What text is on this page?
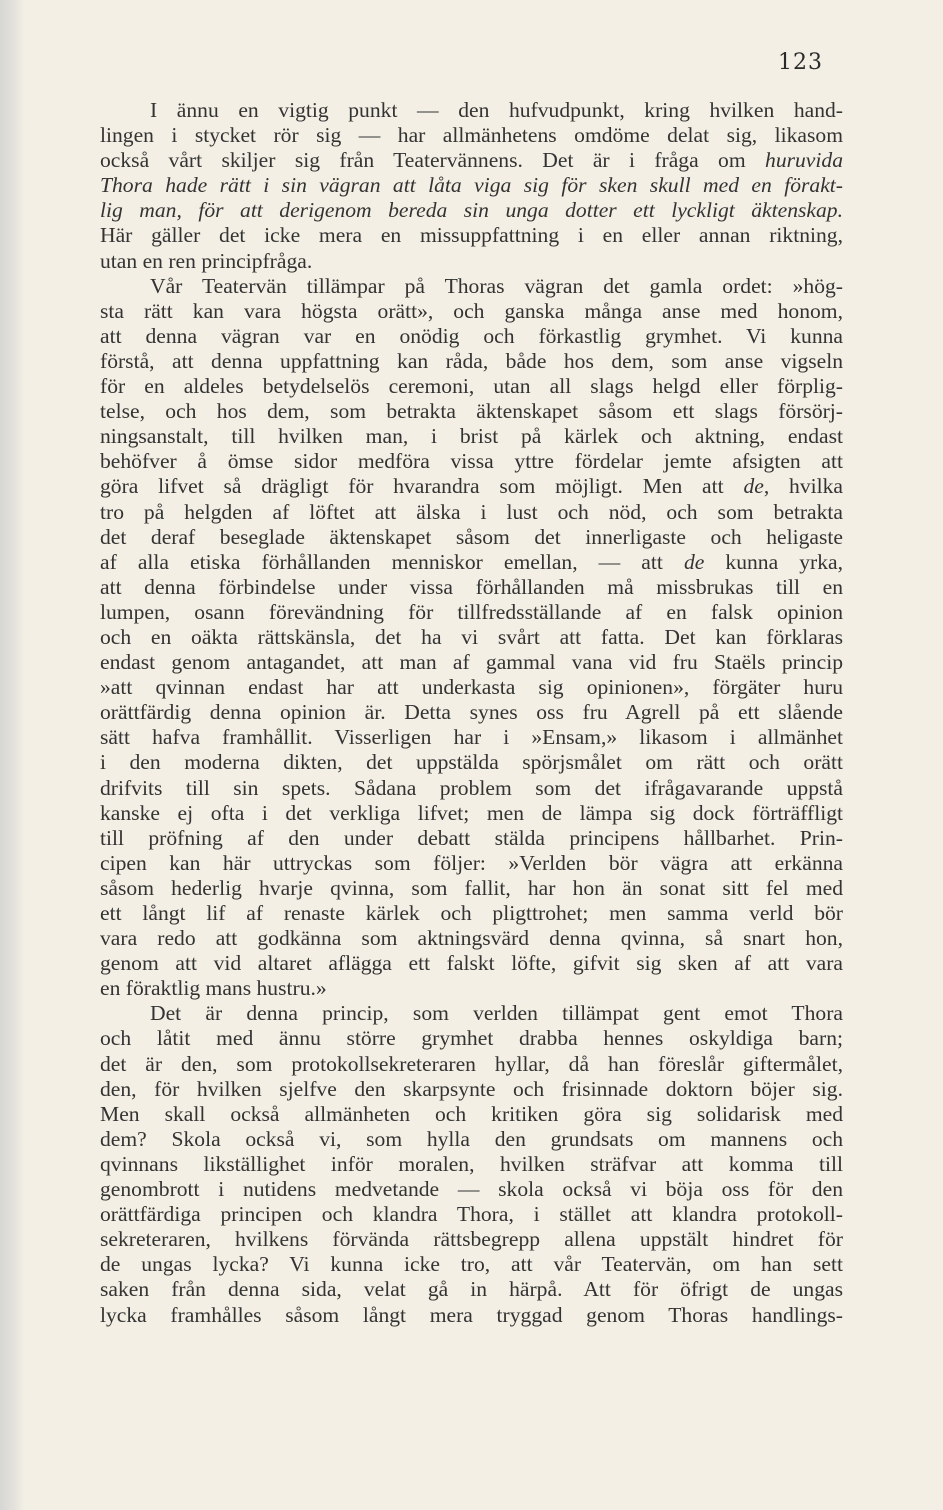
123
I ännu en vigtig punkt — den hufvudpunkt, kring hvilken hand-
lingen i stycket rör sig — har allmänhetens omdöme delat sig, likasom
också vårt skiljer sig från Teatervännens. Det är i fråga om huruvida
Thora hade rätt i sin vägran att låta viga sig för sken skull med en förakt-
lig man, för att derigenom bereda sin unga dotter ett lyckligt äktenskap.
Här gäller det icke mera en missuppfattning i en eller annan riktning,
utan en ren principfråga.
Vår Teatervän tillämpar på Thoras vägran det gamla ordet: »hög-
sta rätt kan vara högsta orätt», och ganska många anse med honom,
att denna vägran var en onödig och förkastlig grymhet. Vi kunna
förstå, att denna uppfattning kan råda, både hos dem, som anse vigseln
för en aldeles betydelselös ceremoni, utan all slags helgd eller förplig-
telse, och hos dem, som betrakta äktenskapet såsom ett slags försörj-
ningsanstalt, till hvilken man, i brist på kärlek och aktning, endast
behöfver å ömse sidor medföra vissa yttre fördelar jemte afsigten att
göra lifvet så drägligt för hvarandra som möjligt. Men att de, hvilka
tro på helgden af löftet att älska i lust och nöd, och som betrakta
det deraf beseglade äktenskapet såsom det innerligaste och heligaste
af alla etiska förhållanden menniskor emellan, — att de kunna yrka,
att denna förbindelse under vissa förhållanden må missbrukas till en
lumpen, osann förevändning för tillfredsställande af en falsk opinion
och en oäkta rättskänsla, det ha vi svårt att fatta. Det kan förklaras
endast genom antagandet, att man af gammal vana vid fru Staëls princip
»att qvinnan endast har att underkasta sig opinionen», förgäter huru
orättfärdig denna opinion är. Detta synes oss fru Agrell på ett slående
sätt hafva framhållit. Visserligen har i »Ensam,» likasom i allmänhet
i den moderna dikten, det uppstälda spörjsmålet om rätt och orätt
drifvits till sin spets. Sådana problem som det ifrågavarande uppstå
kanske ej ofta i det verkliga lifvet; men de lämpa sig dock förträffligt
till pröfning af den under debatt stälda principens hållbarhet. Prin-
cipen kan här uttryckas som följer: »Verlden bör vägra att erkänna
såsom hederlig hvarje qvinna, som fallit, har hon än sonat sitt fel med
ett långt lif af renaste kärlek och pligttrohet; men samma verld bör
vara redo att godkänna som aktningsvärd denna qvinna, så snart hon,
genom att vid altaret aflägga ett falskt löfte, gifvit sig sken af att vara
en föraktlig mans hustru.»
Det är denna princip, som verlden tillämpat gent emot Thora
och låtit med ännu större grymhet drabba hennes oskyldiga barn;
det är den, som protokollsekreteraren hyllar, då han föreslår giftermålet,
den, för hvilken sjelfve den skarpsynte och frisinnade doktorn böjer sig.
Men skall också allmänheten och kritiken göra sig solidarisk med
dem? Skola också vi, som hylla den grundsats om mannens och
qvinnans likställighet inför moralen, hvilken sträfvar att komma till
genombrott i nutidens medvetande — skola också vi böja oss för den
orättfärdiga principen och klandra Thora, i stället att klandra protokoll-
sekreteraren, hvilkens förvända rättsbegrepp allena uppstält hindret för
de ungas lycka? Vi kunna icke tro, att vår Teatervän, om han sett
saken från denna sida, velat gå in härpå. Att för öfrigt de ungas
lycka framhålles såsom långt mera tryggad genom Thoras handlings-
